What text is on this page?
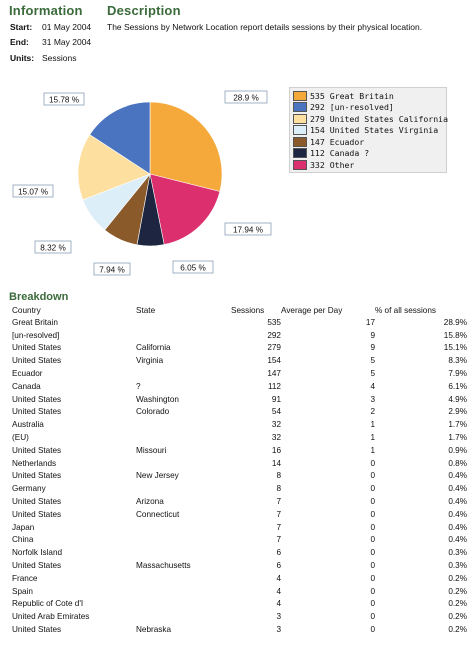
Information Description
Start: 01 May 2004
End: 31 May 2004
Units: Sessions
The Sessions by Network Location report details sessions by their physical location.
28.9 %
17.94 %
6.05 %
7.94 %
8.32 %
15.07 %
15.78 %	535 Great Britain
292 [un-resolved]
279 United States California
154 United States Virginia
147 Ecuador
112 Canada ?
332 Other
Breakdown
Country	State	Sessions	Average per Day	% of all sessions
Great Britain		535	17	28.9%
[un-resolved]		292	9	15.8%
United States	California	279	9	15.1%
United States	Virginia	154	5	8.3%
Ecuador		147	5	7.9%
Canada	?	112	4	6.1%
United States	Washington	91	3	4.9%
United States	Colorado	54	2	2.9%
Australia		32	1	1.7%
(EU)		32	1	1.7%
United States	Missouri	16	1	0.9%
Netherlands		14	0	0.8%
United States	New Jersey	8	0	0.4%
Germany		8	0	0.4%
United States	Arizona	7	0	0.4%
United States	Connecticut	7	0	0.4%
Japan		7	0	0.4%
China		7	0	0.4%
Norfolk Island		6	0	0.3%
United States	Massachusetts	6	0	0.3%
France		4	0	0.2%
Spain		4	0	0.2%
Republic of Cote d'I		4	0	0.2%
United Arab Emirates		3	0	0.2%
United States	Nebraska	3	0	0.2%
